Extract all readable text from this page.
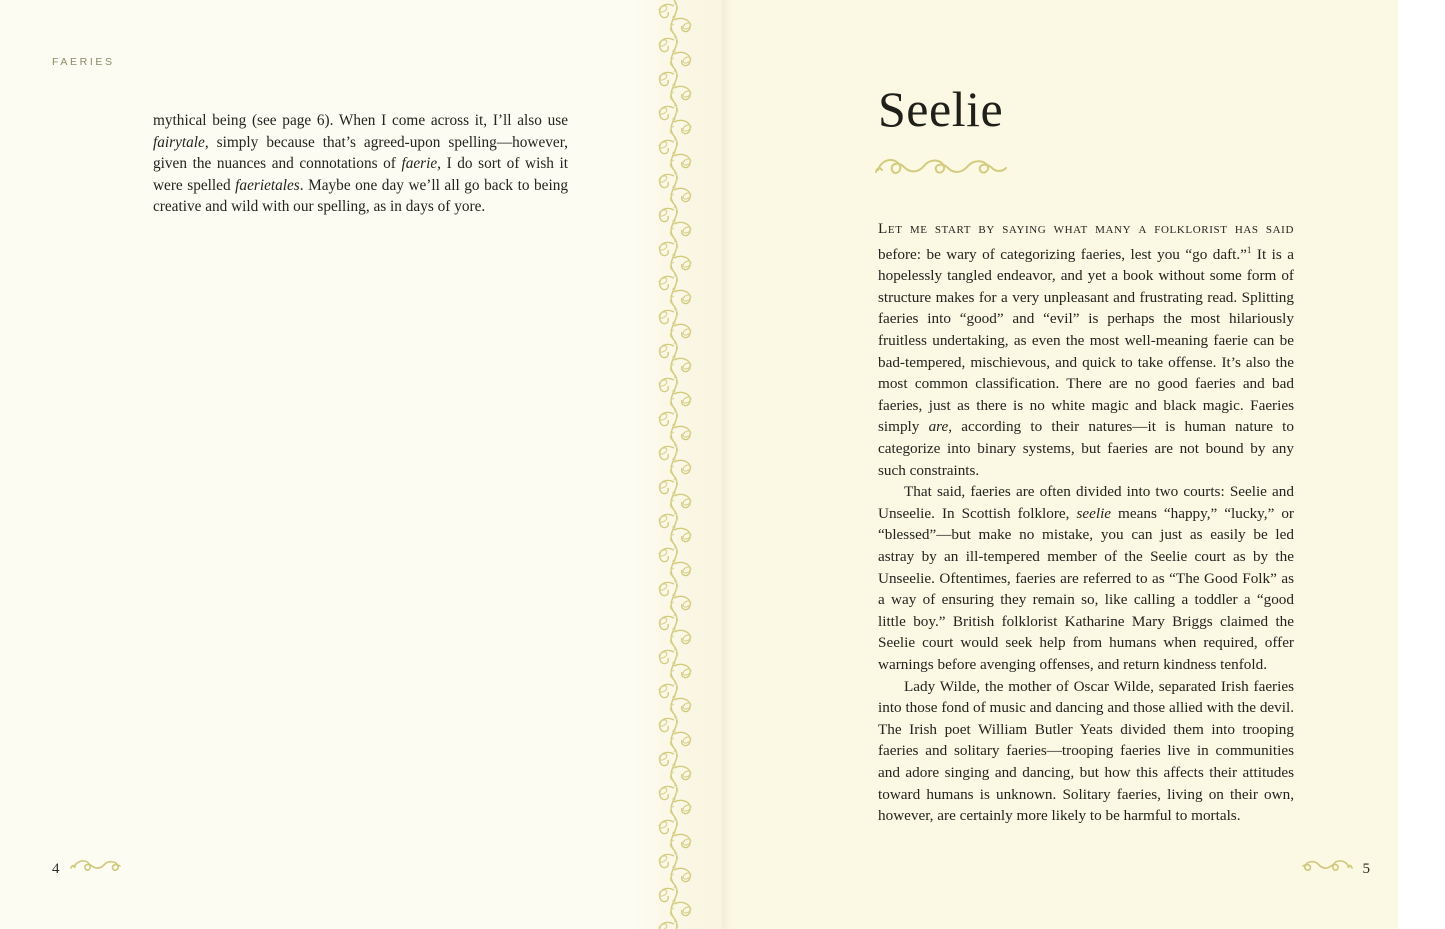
FAERIES

mythical being (see page 6). When I come across it, I’ll also use fairytale, simply because that’s agreed-upon spelling—however, given the nuances and connotations of faerie, I do sort of wish it were spelled faerietales. Maybe one day we’ll all go back to being creative and wild with our spelling, as in days of yore.

4
Seelie

Let me start by saying what many a folklorist has said before: be wary of categorizing faeries, lest you “go daft.”$^1$ It is a hopelessly tangled endeavor, and yet a book without some form of structure makes for a very unpleasant and frustrating read. Splitting faeries into “good” and “evil” is perhaps the most hilariously fruitless undertaking, as even the most well-meaning faerie can be bad-tempered, mischievous, and quick to take offense. It’s also the most common classification. There are no good faeries and bad faeries, just as there is no white magic and black magic. Faeries simply are, according to their natures—it is human nature to categorize into binary systems, but faeries are not bound by any such constraints.

That said, faeries are often divided into two courts: Seelie and Unseelie. In Scottish folklore, seelie means “happy,” “lucky,” or “blessed”—but make no mistake, you can just as easily be led astray by an ill-tempered member of the Seelie court as by the Unseelie. Oftentimes, faeries are referred to as “The Good Folk” as a way of ensuring they remain so, like calling a toddler a “good little boy.” British folklorist Katharine Mary Briggs claimed the Seelie court would seek help from humans when required, offer warnings before avenging offenses, and return kindness tenfold.

Lady Wilde, the mother of Oscar Wilde, separated Irish faeries into those fond of music and dancing and those allied with the devil. The Irish poet William Butler Yeats divided them into trooping faeries and solitary faeries—trooping faeries live in communities and adore singing and dancing, but how this affects their attitudes toward humans is unknown. Solitary faeries, living on their own, however, are certainly more likely to be harmful to mortals.

5
